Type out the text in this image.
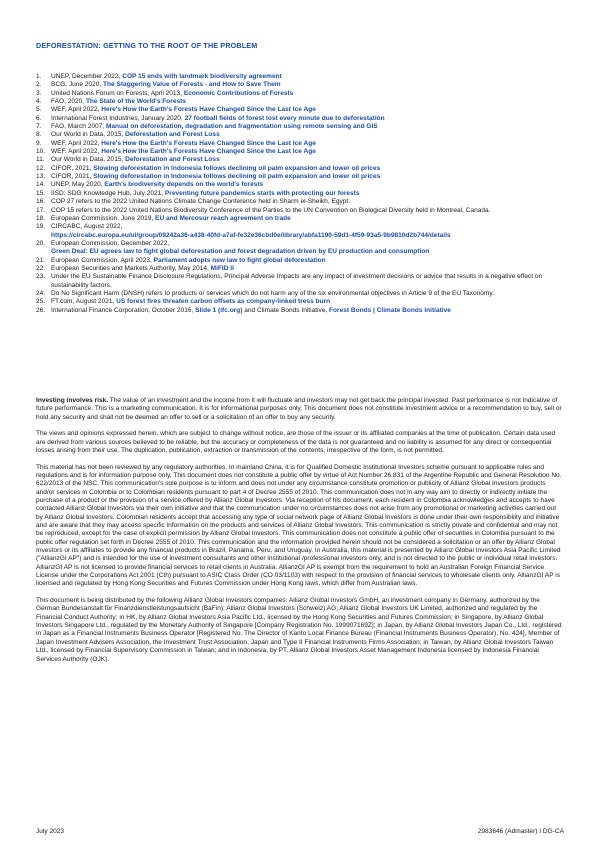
DEFORESTATION: GETTING TO THE ROOT OF THE PROBLEM
1. UNEP, December 2022, COP 15 ends with landmark biodiversity agreement
2. BCG, June 2020, The Staggering Value of Forests - and How to Save Them
3. United Nations Forum on Forests, April 2013, Economic Contributions of Forests
4. FAO, 2020, The State of the World's Forests
5. WEF, April 2022, Here's How the Earth's Forests Have Changed Since the Last Ice Age
6. International Forest Industries, January 2020, 27 football fields of forest lost every minute due to deforestation
7. FAO, March 2007, Manual on deforestation, degradation and fragmentation using remote sensing and GIS
8. Our World in Data, 2015, Deforestation and Forest Loss
9. WEF, April 2022, Here's How the Earth's Forests Have Changed Since the Last Ice Age
10. WEF, April 2022, Here's How the Earth's Forests Have Changed Since the Last Ice Age
11. Our World in Data, 2015, Deforestation and Forest Loss
12. CIFOR, 2021, Slowing deforestation in Indonesia follows declining oil palm expansion and lower oil prices
13. CIFOR, 2021, Slowing deforestation in Indonesia follows declining oil palm expansion and lower oil prices
14. UNEP, May 2020, Earth's biodiversity depends on the world's forests
15. IISD: SDG Knowledge Hub, July 2021, Preventing future pandemics starts with protecting our forests
16. COP 27 refers to the 2022 United Nations Climate Change Conference held in Sharm el-Sheikh, Egypt.
17. COP 15 refers to the 2022 United Nations Biodiversity Conference of the Parties to the UN Convention on Biological Diversity held in Montreal, Canada.
18. European Commission, June 2019, EU and Mercosur reach agreement on trade
19. CIRCABC, August 2022,
https://circabc.europa.eu/ui/group/09242a36-a438-40fd-a7af-fe32e36cbd0e/library/abfa1190-59d1-4f59-93a5-9b9810d2b744/details
20. European Commission, December 2022,
Green Deal: EU agrees law to fight global deforestation and forest degradation driven by EU production and consumption
21. European Commission, April 2023, Parliament adopts new law to fight global deforestation
22. European Securities and Markets Authority, May 2014, MiFID II
23. Under the EU Sustainable Finance Disclosure Regulations, Principal Adverse Impacts are any impact of investment decisions or advice that results in a negative effect on sustainability factors.
24. Do No Significant Harm (DNSH) refers to products or services which do not harm any of the six environmental objectives in Article 9 of the EU Taxonomy.
25. FT.com, August 2021, US forest fires threaten carbon offsets as company-linked tress burn
26. International Finance Corporation, October 2016, Slide 1 (ifc.org) and Climate Bonds Initiative, Forest Bonds | Climate Bonds Initiative

Investing involves risk. The value of an investment and the income from it will fluctuate and investors may not get back the principal invested. Past performance is not indicative of future performance. This is a marketing communication. It is for informational purposes only. This document does not constitute investment advice or a recommendation to buy, sell or hold any security and shall not be deemed an offer to sell or a solicitation of an offer to buy any security.

The views and opinions expressed herein, which are subject to change without notice, are those of the issuer or its affiliated companies at the time of publication. Certain data used are derived from various sources believed to be reliable, but the accuracy or completeness of the data is not guaranteed and no liability is assumed for any direct or consequential losses arising from their use. The duplication, publication, extraction or transmission of the contents, irrespective of the form, is not permitted.

This material has not been reviewed by any regulatory authorities. In mainland China, it is for Qualified Domestic Institutional Investors scheme pursuant to applicable rules and regulations and is for information purpose only. This document does not constitute a public offer by virtue of Act Number 26.831 of the Argentine Republic and General Resolution No. 622/2013 of the NSC. This communication's sole purpose is to inform and does not under any circumstance constitute promotion or publicity of Allianz Global Investors products and/or services in Colombia or to Colombian residents pursuant to part 4 of Decree 2555 of 2010. This communication does not in any way aim to directly or indirectly initiate the purchase of a product or the provision of a service offered by Allianz Global Investors. Via reception of his document, each resident in Colombia acknowledges and accepts to have contacted Allianz Global Investors via their own initiative and that the communication under no circumstances does not arise from any promotional or marketing activities carried out by Allianz Global Investors. Colombian residents accept that accessing any type of social network page of Allianz Global Investors is done under their own responsibility and initiative and are aware that they may access specific information on the products and services of Allianz Global Investors. This communication is strictly private and confidential and may not be reproduced, except for the case of explicit permission by Allianz Global Investors. This communication does not constitute a public offer of securities in Colombia pursuant to the public offer regulation set forth in Decree 2555 of 2010. This communication and the information provided herein should not be considered a solicitation or an offer by Allianz Global Investors or its affiliates to provide any financial products in Brazil, Panama, Peru, and Uruguay. In Australia, this material is presented by Allianz Global Investors Asia Pacific Limited ("AllianzGI AP") and is intended for the use of investment consultants and other institutional /professional investors only, and is not directed to the public or individual retail investors. AllianzGI AP is not licensed to provide financial services to retail clients in Australia. AllianzGI AP is exempt from the requirement to hold an Australian Foreign Financial Service License under the Corporations Act 2001 (Cth) pursuant to ASIC Class Order (CO 03/1103) with respect to the provision of financial services to wholesale clients only. AllianzGI AP is licensed and regulated by Hong Kong Securities and Futures Commission under Hong Kong laws, which differ from Australian laws.

This document is being distributed by the following Allianz Global Investors companies: Allianz Global Investors GmbH, an investment company in Germany, authorized by the German Bundesanstalt für Finanzdienstleistungsaufsicht (BaFin); Allianz Global Investors (Schweiz) AG; Allianz Global Investors UK Limited, authorized and regulated by the Financial Conduct Authority; in HK, by Allianz Global Investors Asia Pacific Ltd., licensed by the Hong Kong Securities and Futures Commission; in Singapore, by Allianz Global Investors Singapore Ltd., regulated by the Monetary Authority of Singapore [Company Registration No. 199907169Z]; in Japan, by Allianz Global Investors Japan Co., Ltd., registered in Japan as a Financial Instruments Business Operator [Registered No. The Director of Kanto Local Finance Bureau (Financial Instruments Business Operator), No. 424], Member of Japan Investment Advisers Association, the Investment Trust Association, Japan and Type II Financial Instruments Firms Association; in Taiwan, by Allianz Global Investors Taiwan Ltd., licensed by Financial Supervisory Commission in Taiwan; and in Indonesia, by PT. Allianz Global Investors Asset Management Indonesia licensed by Indonesia Financial Services Authority (OJK).

July 2023	2983646 (Admaster) I DG-CA
